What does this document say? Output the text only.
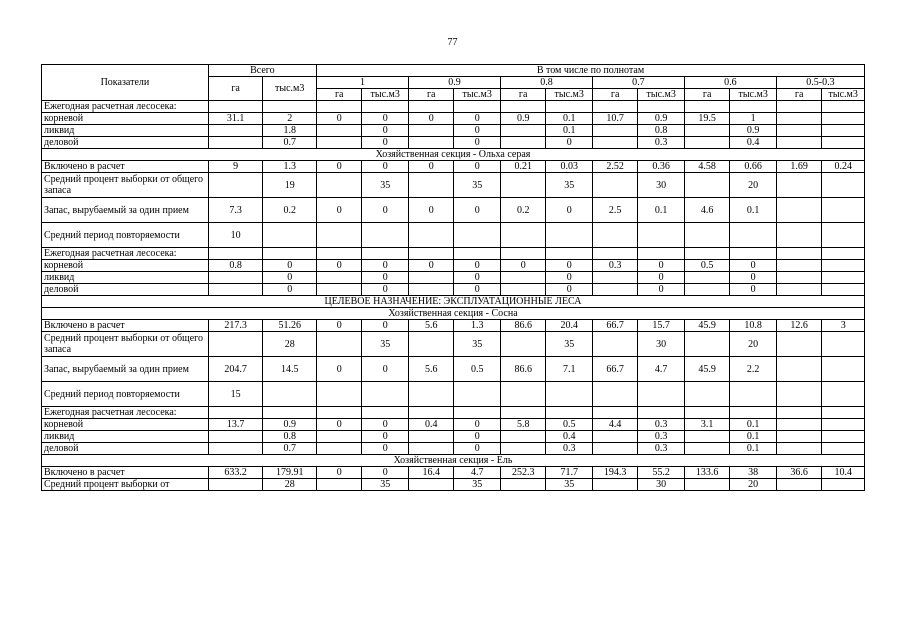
77
Показатели	Всего		В том числе по полнотам											
	га	тыс.м3	1		0.9		0.8		0.7		0.6		0.5-0.3	
			га	тыс.м3	га	тыс.м3	га	тыс.м3	га	тыс.м3	га	тыс.м3	га	тыс.м3
Ежегодная расчетная лесосека:														
корневой	31.1	2	0	0	0	0	0.9	0.1	10.7	0.9	19.5	1		
ликвид		1.8		0		0		0.1		0.8		0.9		
деловой		0.7		0		0		0		0.3		0.4		
Хозяйственная секция - Ольха серая														
Включено в расчет	9	1.3	0	0	0	0	0.21	0.03	2.52	0.36	4.58	0.66	1.69	0.24
Средний процент выборки от общего запаса		19		35		35		35		30		20		
Запас, вырубаемый за один прием	7.3	0.2	0	0	0	0	0.2	0	2.5	0.1	4.6	0.1		
Средний период повторяемости	10													
Ежегодная расчетная лесосека:														
корневой	0.8	0	0	0	0	0	0	0	0.3	0	0.5	0		
ликвид		0		0		0		0		0		0		
деловой		0		0		0		0		0		0		
ЦЕЛЕВОЕ НАЗНАЧЕНИЕ: ЭКСПЛУАТАЦИОННЫЕ ЛЕСА														
Хозяйственная секция - Сосна														
Включено в расчет	217.3	51.26	0	0	5.6	1.3	86.6	20.4	66.7	15.7	45.9	10.8	12.6	3
Средний процент выборки от общего запаса		28		35		35		35		30		20		
Запас, вырубаемый за один прием	204.7	14.5	0	0	5.6	0.5	86.6	7.1	66.7	4.7	45.9	2.2		
Средний период повторяемости	15													
Ежегодная расчетная лесосека:														
корневой	13.7	0.9	0	0	0.4	0	5.8	0.5	4.4	0.3	3.1	0.1		
ликвид		0.8		0		0		0.4		0.3		0.1		
деловой		0.7		0		0		0.3		0.3		0.1		
Хозяйственная секция - Ель														
Включено в расчет	633.2	179.91	0	0	16.4	4.7	252.3	71.7	194.3	55.2	133.6	38	36.6	10.4
Средний процент выборки от		28		35		35		35		30		20		
